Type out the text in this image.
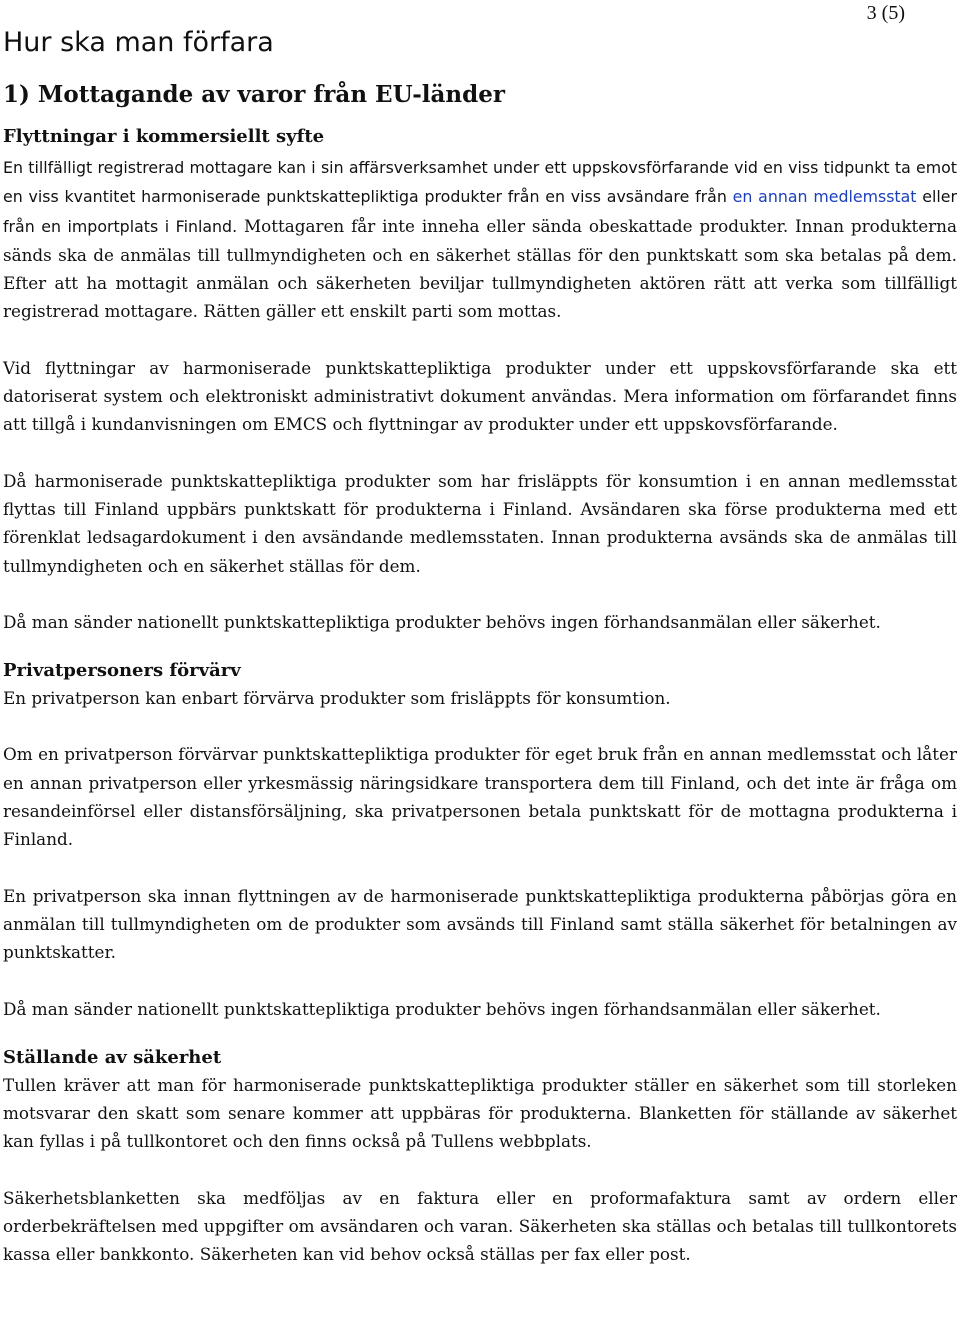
3 (5)
Hur ska man förfara
1) Mottagande av varor från EU-länder
Flyttningar i kommersiellt syfte

En tillfälligt registrerad mottagare kan i sin affärsverksamhet under ett uppskovsförfarande vid en viss tidpunkt ta emot en viss kvantitet harmoniserade punktskattepliktiga produkter från en viss avsändare från en annan medlemsstat eller från en importplats i Finland. Mottagaren får inte inneha eller sända obeskattade produkter. Innan produkterna sänds ska de anmälas till tullmyndigheten och en säkerhet ställas för den punktskatt som ska betalas på dem. Efter att ha mottagit anmälan och säkerheten beviljar tullmyndigheten aktören rätt att verka som tillfälligt registrerad mottagare. Rätten gäller ett enskilt parti som mottas.

Vid flyttningar av harmoniserade punktskattepliktiga produkter under ett uppskovsförfarande ska ett datoriserat system och elektroniskt administrativt dokument användas. Mera information om förfarandet finns att tillgå i kundanvisningen om EMCS och flyttningar av produkter under ett uppskovsförfarande.

Då harmoniserade punktskattepliktiga produkter som har frisläppts för konsumtion i en annan medlemsstat flyttas till Finland uppbärs punktskatt för produkterna i Finland. Avsändaren ska förse produkterna med ett förenklat ledsagardokument i den avsändande medlemsstaten. Innan produkterna avsänds ska de anmälas till tullmyndigheten och en säkerhet ställas för dem.

Då man sänder nationellt punktskattepliktiga produkter behövs ingen förhandsanmälan eller säkerhet.

Privatpersoners förvärv

En privatperson kan enbart förvärva produkter som frisläppts för konsumtion.

Om en privatperson förvärvar punktskattepliktiga produkter för eget bruk från en annan medlemsstat och låter en annan privatperson eller yrkesmässig näringsidkare transportera dem till Finland, och det inte är fråga om resandeinförsel eller distansförsäljning, ska privatpersonen betala punktskatt för de mottagna produkterna i Finland.

En privatperson ska innan flyttningen av de harmoniserade punktskattepliktiga produkterna påbörjas göra en anmälan till tullmyndigheten om de produkter som avsänds till Finland samt ställa säkerhet för betalningen av punktskatter.

Då man sänder nationellt punktskattepliktiga produkter behövs ingen förhandsanmälan eller säkerhet.

Ställande av säkerhet

Tullen kräver att man för harmoniserade punktskattepliktiga produkter ställer en säkerhet som till storleken motsvarar den skatt som senare kommer att uppbäras för produkterna. Blanketten för ställande av säkerhet kan fyllas i på tullkontoret och den finns också på Tullens webbplats.

Säkerhetsblanketten ska medföljas av en faktura eller en proformafaktura samt av ordern eller orderbekräftelsen med uppgifter om avsändaren och varan. Säkerheten ska ställas och betalas till tullkontorets kassa eller bankkonto. Säkerheten kan vid behov också ställas per fax eller post.
